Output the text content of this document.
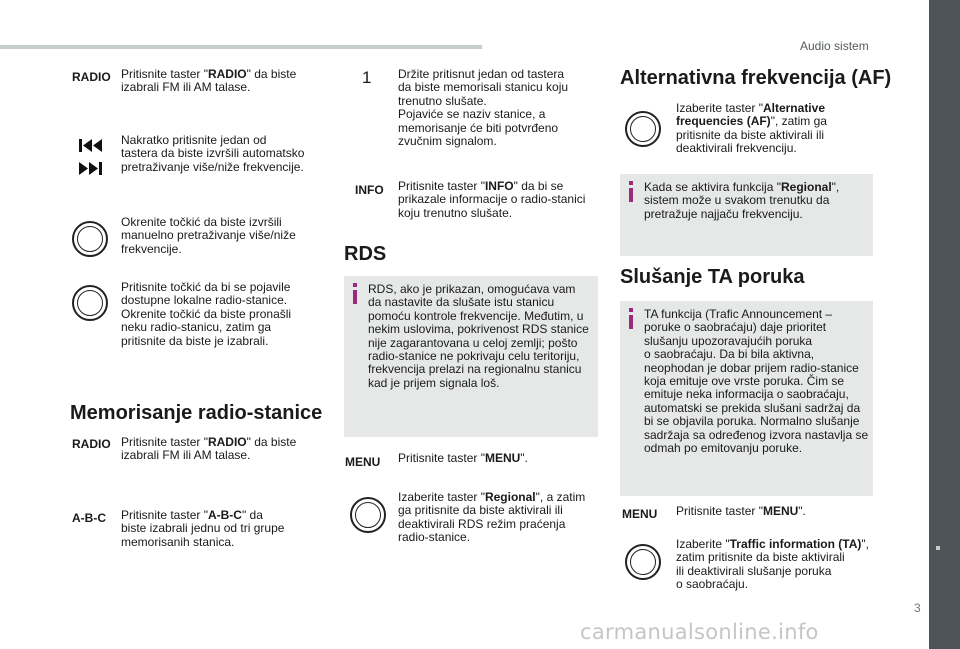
Audio sistem
3
carmanualsonline.info
RADIO Pritisnite taster "RADIO" da biste
izabrali FM ili AM talase.
Nakratko pritisnite jedan od
tastera da biste izvršili automatsko
pretraživanje više/niže frekvencije.
Okrenite točkić da biste izvršili
manuelno pretraživanje više/niže
frekvencije.
Pritisnite točkić da bi se pojavile
dostupne lokalne radio-stanice.
Okrenite točkić da biste pronašli
neku radio-stanicu, zatim ga
pritisnite da biste je izabrali.
Memorisanje radio-stanice
RADIO Pritisnite taster "RADIO" da biste
izabrali FM ili AM talase.
A-B-C Pritisnite taster "A-B-C" da
biste izabrali jednu od tri grupe
memorisanih stanica.
1 Držite pritisnut jedan od tastera
da biste memorisali stanicu koju
trenutno slušate.
Pojaviće se naziv stanice, a
memorisanje će biti potvrđeno
zvučnim signalom.
INFO Pritisnite taster "INFO" da bi se
prikazale informacije o radio-stanici
koju trenutno slušate.
RDS
RDS, ako je prikazan, omogućava vam
da nastavite da slušate istu stanicu
pomoću kontrole frekvencije. Međutim, u
nekim uslovima, pokrivenost RDS stanice
nije zagarantovana u celoj zemlji; pošto
radio-stanice ne pokrivaju celu teritoriju,
frekvencija prelazi na regionalnu stanicu
kad je prijem signala loš.
MENU Pritisnite taster "MENU".
Izaberite taster "Regional", a zatim
ga pritisnite da biste aktivirali ili
deaktivirali RDS režim praćenja
radio-stanice.
Alternativna frekvencija (AF)
Izaberite taster "Alternative
frequencies (AF)", zatim ga
pritisnite da biste aktivirali ili
deaktivirali frekvenciju.
Kada se aktivira funkcija "Regional",
sistem može u svakom trenutku da
pretražuje najjaču frekvenciju.
Slušanje TA poruka
TA funkcija (Trafic Announcement –
poruke o saobraćaju) daje prioritet
slušanju upozoravajućih poruka
o saobraćaju. Da bi bila aktivna,
neophodan je dobar prijem radio-stanice
koja emituje ove vrste poruka. Čim se
emituje neka informacija o saobraćaju,
automatski se prekida slušani sadržaj da
bi se objavila poruka. Normalno slušanje
sadržaja sa određenog izvora nastavlja se
odmah po emitovanju poruke.
MENU Pritisnite taster "MENU".
Izaberite "Traffic information (TA)",
zatim pritisnite da biste aktivirali
ili deaktivirali slušanje poruka
o saobraćaju.
